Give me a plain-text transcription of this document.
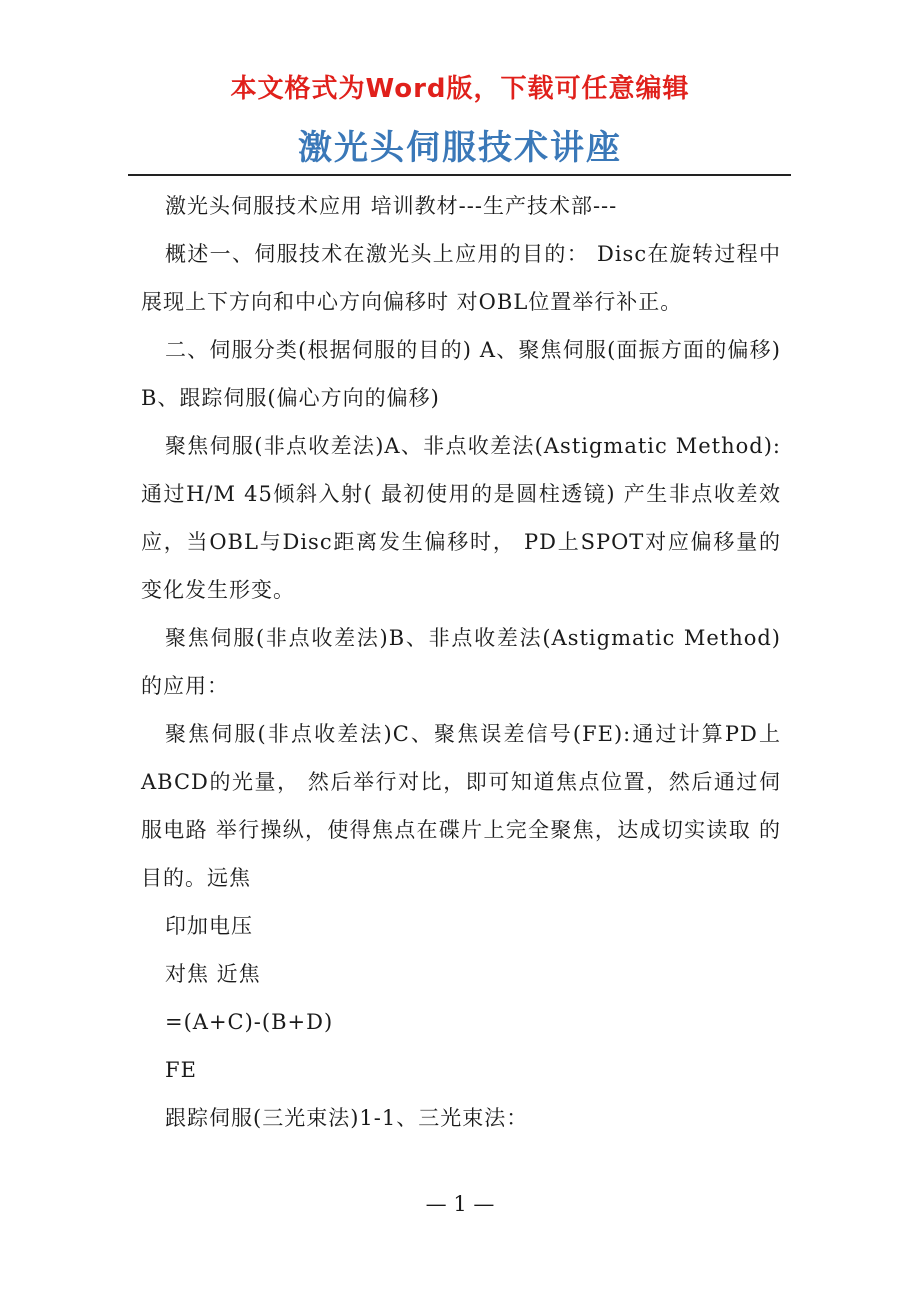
本文格式为Word版，下载可任意编辑
激光头伺服技术讲座

激光头伺服技术应用 培训教材---生产技术部---

概述一、伺服技术在激光头上应用的目的： Disc在旋转过程中展现上下方向和中心方向偏移时 对OBL位置举行补正。

二、伺服分类(根据伺服的目的) A、聚焦伺服(面振方面的偏移) B、跟踪伺服(偏心方向的偏移)

聚焦伺服(非点收差法)A、非点收差法(Astigmatic Method):通过H/M 45倾斜入射( 最初使用的是圆柱透镜) 产生非点收差效应，当OBL与Disc距离发生偏移时， PD上SPOT对应偏移量的变化发生形变。

聚焦伺服(非点收差法)B、非点收差法(Astigmatic Method)的应用：

聚焦伺服(非点收差法)C、聚焦误差信号(FE):通过计算PD上ABCD的光量， 然后举行对比，即可知道焦点位置，然后通过伺服电路 举行操纵，使得焦点在碟片上完全聚焦，达成切实读取 的目的。远焦

印加电压

对焦 近焦

=(A+C)-(B+D)

FE

跟踪伺服(三光束法)1-1、三光束法：

— 1 —
